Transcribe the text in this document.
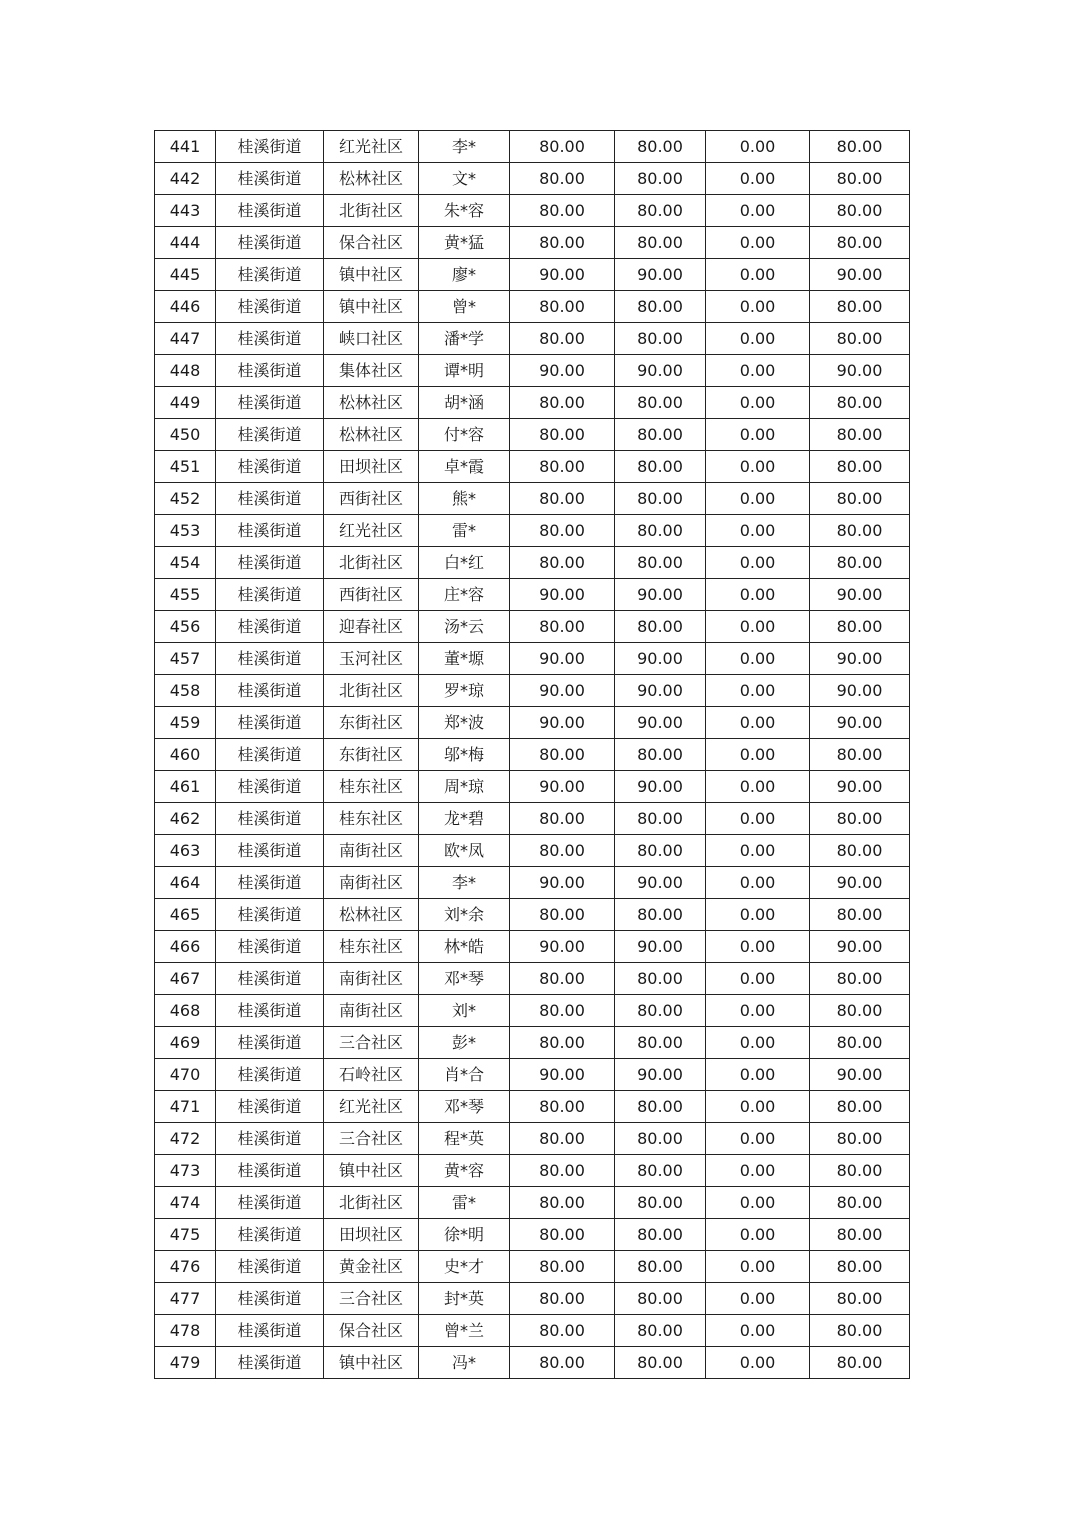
441	桂溪街道	红光社区	李*	80.00	80.00	0.00	80.00
442	桂溪街道	松林社区	文*	80.00	80.00	0.00	80.00
443	桂溪街道	北街社区	朱*容	80.00	80.00	0.00	80.00
444	桂溪街道	保合社区	黄*猛	80.00	80.00	0.00	80.00
445	桂溪街道	镇中社区	廖*	90.00	90.00	0.00	90.00
446	桂溪街道	镇中社区	曾*	80.00	80.00	0.00	80.00
447	桂溪街道	峡口社区	潘*学	80.00	80.00	0.00	80.00
448	桂溪街道	集体社区	谭*明	90.00	90.00	0.00	90.00
449	桂溪街道	松林社区	胡*涵	80.00	80.00	0.00	80.00
450	桂溪街道	松林社区	付*容	80.00	80.00	0.00	80.00
451	桂溪街道	田坝社区	卓*霞	80.00	80.00	0.00	80.00
452	桂溪街道	西街社区	熊*	80.00	80.00	0.00	80.00
453	桂溪街道	红光社区	雷*	80.00	80.00	0.00	80.00
454	桂溪街道	北街社区	白*红	80.00	80.00	0.00	80.00
455	桂溪街道	西街社区	庄*容	90.00	90.00	0.00	90.00
456	桂溪街道	迎春社区	汤*云	80.00	80.00	0.00	80.00
457	桂溪街道	玉河社区	董*塬	90.00	90.00	0.00	90.00
458	桂溪街道	北街社区	罗*琼	90.00	90.00	0.00	90.00
459	桂溪街道	东街社区	郑*波	90.00	90.00	0.00	90.00
460	桂溪街道	东街社区	邬*梅	80.00	80.00	0.00	80.00
461	桂溪街道	桂东社区	周*琼	90.00	90.00	0.00	90.00
462	桂溪街道	桂东社区	龙*碧	80.00	80.00	0.00	80.00
463	桂溪街道	南街社区	欧*凤	80.00	80.00	0.00	80.00
464	桂溪街道	南街社区	李*	90.00	90.00	0.00	90.00
465	桂溪街道	松林社区	刘*余	80.00	80.00	0.00	80.00
466	桂溪街道	桂东社区	林*皓	90.00	90.00	0.00	90.00
467	桂溪街道	南街社区	邓*琴	80.00	80.00	0.00	80.00
468	桂溪街道	南街社区	刘*	80.00	80.00	0.00	80.00
469	桂溪街道	三合社区	彭*	80.00	80.00	0.00	80.00
470	桂溪街道	石岭社区	肖*合	90.00	90.00	0.00	90.00
471	桂溪街道	红光社区	邓*琴	80.00	80.00	0.00	80.00
472	桂溪街道	三合社区	程*英	80.00	80.00	0.00	80.00
473	桂溪街道	镇中社区	黄*容	80.00	80.00	0.00	80.00
474	桂溪街道	北街社区	雷*	80.00	80.00	0.00	80.00
475	桂溪街道	田坝社区	徐*明	80.00	80.00	0.00	80.00
476	桂溪街道	黄金社区	史*才	80.00	80.00	0.00	80.00
477	桂溪街道	三合社区	封*英	80.00	80.00	0.00	80.00
478	桂溪街道	保合社区	曾*兰	80.00	80.00	0.00	80.00
479	桂溪街道	镇中社区	冯*	80.00	80.00	0.00	80.00
